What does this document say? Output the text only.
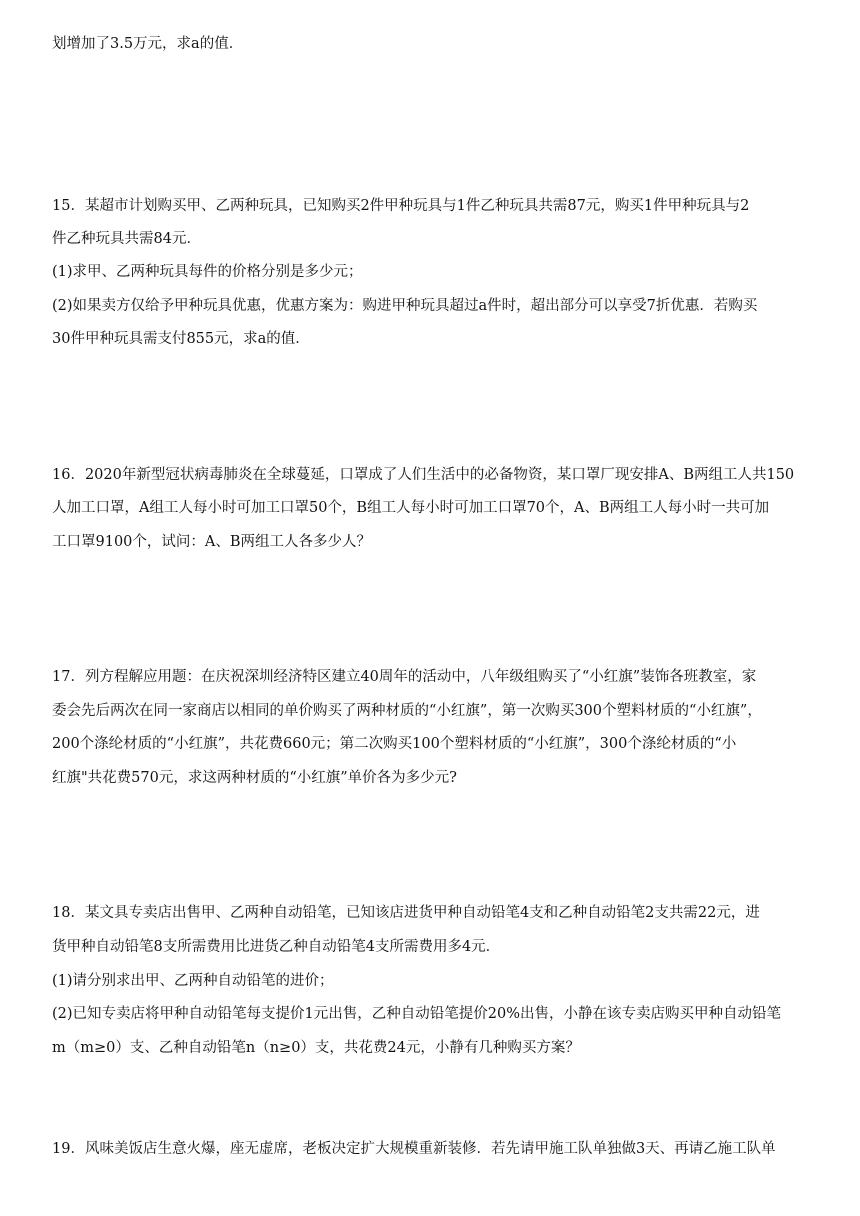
划增加了3.5万元，求a的值．
15．某超市计划购买甲、乙两种玩具，已知购买2件甲种玩具与1件乙种玩具共需87元，购买1件甲种玩具与2
件乙种玩具共需84元．
(1)求甲、乙两种玩具每件的价格分别是多少元；
(2)如果卖方仅给予甲种玩具优惠，优惠方案为：购进甲种玩具超过a件时，超出部分可以享受7折优惠．若购买
30件甲种玩具需支付855元，求a的值．
16．2020年新型冠状病毒肺炎在全球蔓延，口罩成了人们生活中的必备物资，某口罩厂现安排A、B两组工人共150
人加工口罩，A组工人每小时可加工口罩50个，B组工人每小时可加工口罩70个，A、B两组工人每小时一共可加
工口罩9100个，试问：A、B两组工人各多少人？
17．列方程解应用题：在庆祝深圳经济特区建立40周年的活动中，八年级组购买了“小红旗”装饰各班教室，家
委会先后两次在同一家商店以相同的单价购买了两种材质的“小红旗”，第一次购买300个塑料材质的“小红旗”，
200个涤纶材质的“小红旗”，共花费660元；第二次购买100个塑料材质的“小红旗”，300个涤纶材质的“小
红旗"共花费570元，求这两种材质的“小红旗”单价各为多少元?
18．某文具专卖店出售甲、乙两种自动铅笔，已知该店进货甲种自动铅笔4支和乙种自动铅笔2支共需22元，进
货甲种自动铅笔8支所需费用比进货乙种自动铅笔4支所需费用多4元．
(1)请分别求出甲、乙两种自动铅笔的进价；
(2)已知专卖店将甲种自动铅笔每支提价1元出售，乙种自动铅笔提价20%出售，小静在该专卖店购买甲种自动铅笔
m（m≥0）支、乙种自动铅笔n（n≥0）支，共花费24元，小静有几种购买方案？
19．风味美饭店生意火爆，座无虚席，老板决定扩大规模重新装修．若先请甲施工队单独做3天、再请乙施工队单
